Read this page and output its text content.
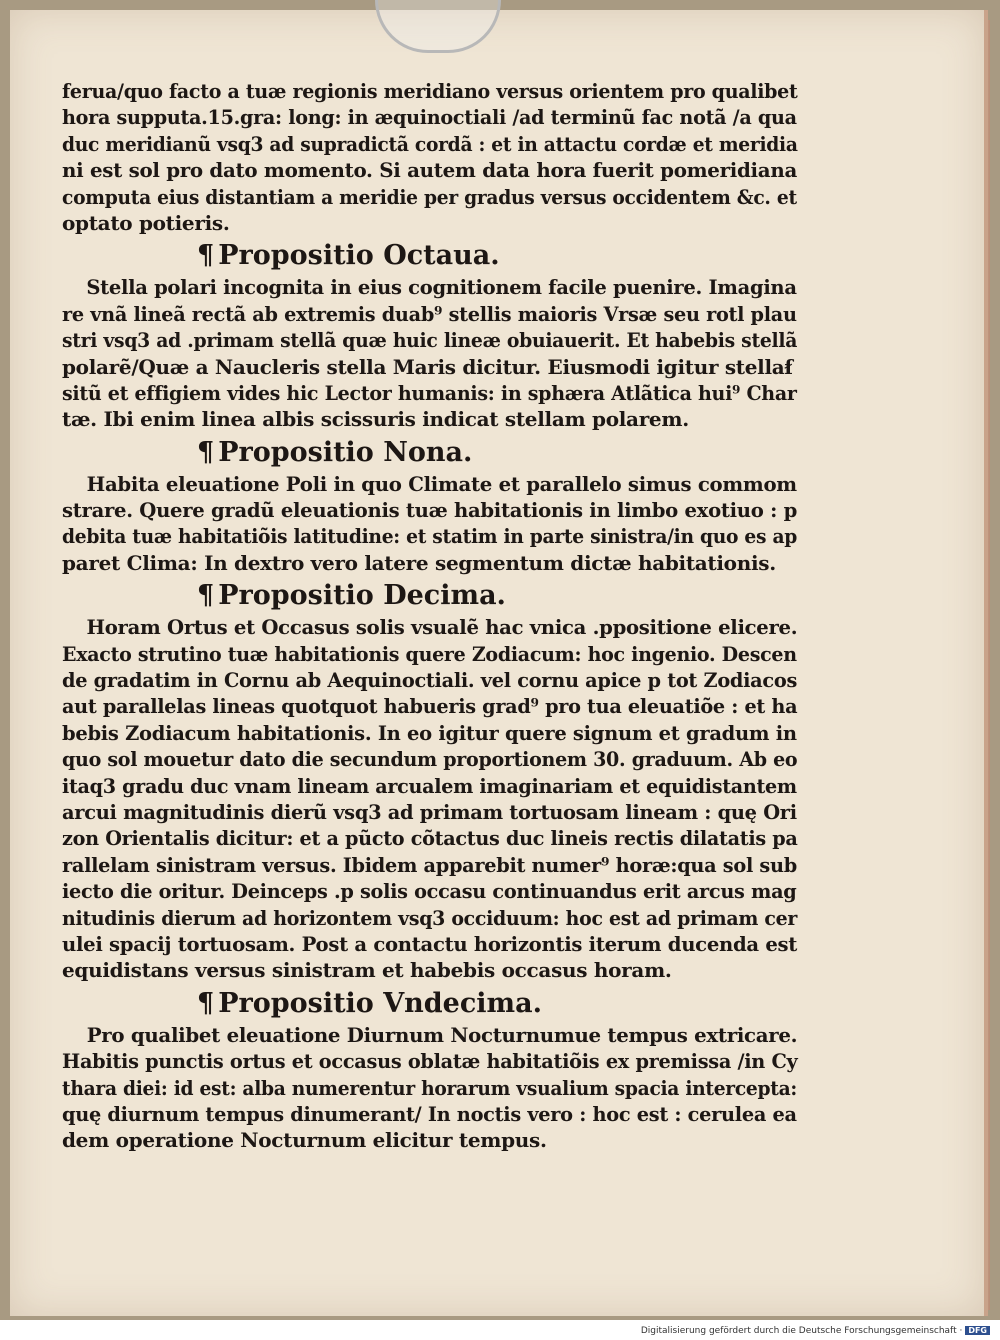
ferua/quo facto a tuæ regionis meridiano versus orientem pro qualibet
hora supputa.15.gra: long: in æquinoctiali /ad terminũ fac notã /a qua
duc meridianũ vsq3 ad supradictã cordã : et in attactu cordæ et meridia
ni est sol pro dato momento. Si autem data hora fuerit pomeridiana
computa eius distantiam a meridie per gradus versus occidentem &c. et
optato potieris.
¶ Propositio Octaua.
Stella polari incognita in eius cognitionem facile puenire. Imagina
re vnã lineã rectã ab extremis duab⁹ stellis maioris Vrsæ seu rotl plau
stri vsq3 ad .primam stellã quæ huic lineæ obuiauerit. Et habebis stellã
polarẽ/Quæ a Naucleris stella Maris dicitur. Eiusmodi igitur stellaẜ
sitũ et effigiem vides hic Lector humanis: in sphæra Atlãtica hui⁹ Char
tæ. Ibi enim linea albis scissuris indicat stellam polarem.
¶ Propositio Nona.
Habita eleuatione Poli in quo Climate et parallelo simus commom
strare. Quere gradũ eleuationis tuæ habitationis in limbo exotiuo : p
debita tuæ habitatiõis latitudine: et statim in parte sinistra/in quo es ap
paret Clima: In dextro vero latere segmentum dictæ habitationis.
¶ Propositio Decima.
Horam Ortus et Occasus solis vsualẽ hac vnica .ppositione elicere.
Exacto strutino tuæ habitationis quere Zodiacum: hoc ingenio. Descen
de gradatim in Cornu ab Aequinoctiali. vel cornu apice p tot Zodiacos
aut parallelas lineas quotquot habueris grad⁹ pro tua eleuatiõe : et ha
bebis Zodiacum habitationis. In eo igitur quere signum et gradum in
quo sol mouetur dato die secundum proportionem 30. graduum. Ab eo
itaq3 gradu duc vnam lineam arcualem imaginariam et equidistantem
arcui magnitudinis dierũ vsq3 ad primam tortuosam lineam : quę Ori
zon Orientalis dicitur: et a pũcto cõtactus duc lineis rectis dilatatis pa
rallelam sinistram versus. Ibidem apparebit numer⁹ horæ:qua sol sub
iecto die oritur. Deinceps .p solis occasu continuandus erit arcus mag
nitudinis dierum ad horizontem vsq3 occiduum: hoc est ad primam cer
ulei spacij tortuosam. Post a contactu horizontis iterum ducenda est
equidistans versus sinistram et habebis occasus horam.
¶ Propositio Vndecima.
Pro qualibet eleuatione Diurnum Nocturnumue tempus extricare.
Habitis punctis ortus et occasus oblatæ habitatiõis ex premissa /in Cy
thara diei: id est: alba numerentur horarum vsualium spacia intercepta:
quę diurnum tempus dinumerant/ In noctis vero : hoc est : cerulea ea
dem operatione Nocturnum elicitur tempus.
Digitalisierung gefördert durch die Deutsche Forschungsgemeinschaft · DFG
